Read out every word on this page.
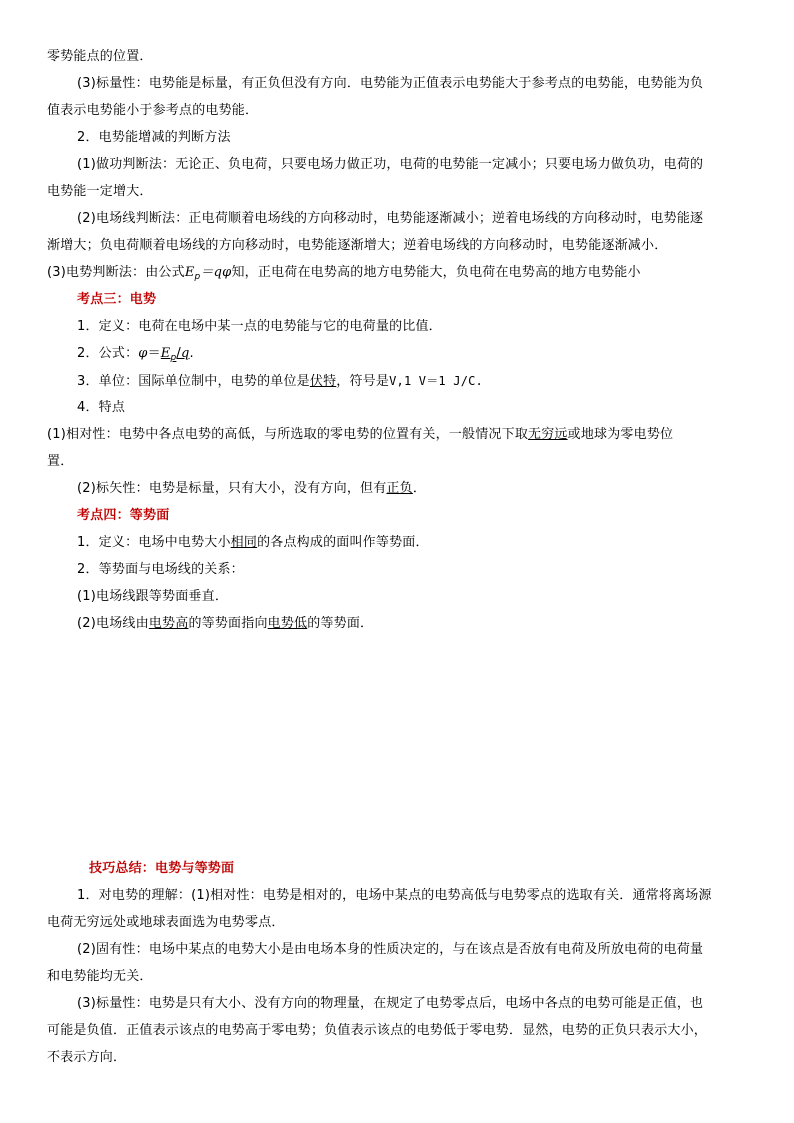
零势能点的位置．
(3)标量性：电势能是标量，有正负但没有方向．电势能为正值表示电势能大于参考点的电势能，电势能为负
值表示电势能小于参考点的电势能．
2．电势能增减的判断方法
(1)做功判断法：无论正、负电荷，只要电场力做正功，电荷的电势能一定减小；只要电场力做负功，电荷的
电势能一定增大．
(2)电场线判断法：正电荷顺着电场线的方向移动时，电势能逐渐减小；逆着电场线的方向移动时，电势能逐
渐增大；负电荷顺着电场线的方向移动时，电势能逐渐增大；逆着电场线的方向移动时，电势能逐渐减小．
(3)电势判断法：由公式$E_p=q\varphi$知，正电荷在电势高的地方电势能大，负电荷在电势高的地方电势能小
考点三：电势
1．定义：电荷在电场中某一点的电势能与它的电荷量的比值．
2．公式：$\varphi=E_p/q$.
3．单位：国际单位制中，电势的单位是伏特，符号是V,1 V＝1 J/C.
4．特点
(1)相对性：电势中各点电势的高低，与所选取的零电势的位置有关，一般情况下取无穷远或地球为零电势位
置．
(2)标矢性：电势是标量，只有大小，没有方向，但有正负．
考点四：等势面
1．定义：电场中电势大小相同的各点构成的面叫作等势面．
2．等势面与电场线的关系：
(1)电场线跟等势面垂直．
(2)电场线由电势高的等势面指向电势低的等势面．
技巧总结：电势与等势面
1．对电势的理解：(1)相对性：电势是相对的，电场中某点的电势高低与电势零点的选取有关．通常将离场源
电荷无穷远处或地球表面选为电势零点．
(2)固有性：电场中某点的电势大小是由电场本身的性质决定的，与在该点是否放有电荷及所放电荷的电荷量
和电势能均无关．
(3)标量性：电势是只有大小、没有方向的物理量，在规定了电势零点后，电场中各点的电势可能是正值，也
可能是负值．正值表示该点的电势高于零电势；负值表示该点的电势低于零电势．显然，电势的正负只表示大小，
不表示方向．
